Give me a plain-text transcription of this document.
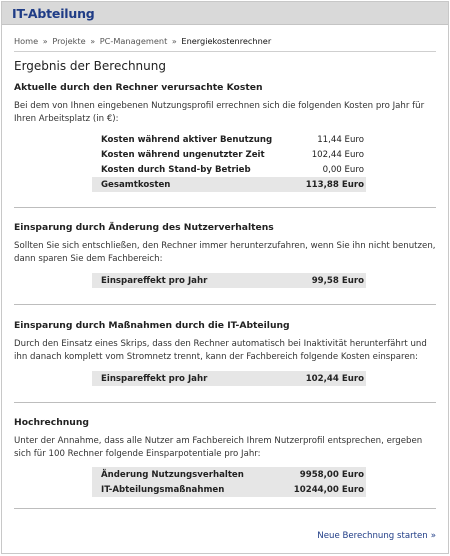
IT-Abteilung
Home » Projekte » PC-Management » Energiekostenrechner
Ergebnis der Berechnung
Aktuelle durch den Rechner verursachte Kosten

Bei dem von Ihnen eingebenen Nutzungsprofil errechnen sich die folgenden Kosten pro Jahr für Ihren Arbeitsplatz (in €):

Kosten während aktiver Benutzung	11,44 Euro
Kosten während ungenutzter Zeit	102,44 Euro
Kosten durch Stand-by Betrieb	0,00 Euro
Gesamtkosten	113,88 Euro
Einsparung durch Änderung des Nutzerverhaltens

Sollten Sie sich entschließen, den Rechner immer herunterzufahren, wenn Sie ihn nicht benutzen, dann sparen Sie dem Fachbereich:

Einspareffekt pro Jahr	99,58 Euro
Einsparung durch Maßnahmen durch die IT-Abteilung

Durch den Einsatz eines Skrips, dass den Rechner automatisch bei Inaktivität herunterfährt und ihn danach komplett vom Stromnetz trennt, kann der Fachbereich folgende Kosten einsparen:

Einspareffekt pro Jahr	102,44 Euro
Hochrechnung

Unter der Annahme, dass alle Nutzer am Fachbereich Ihrem Nutzerprofil entsprechen, ergeben sich für 100 Rechner folgende Einsparpotentiale pro Jahr:

Änderung Nutzungsverhalten	9958,00 Euro
IT-Abteilungsmaßnahmen	10244,00 Euro
Neue Berechnung starten »
